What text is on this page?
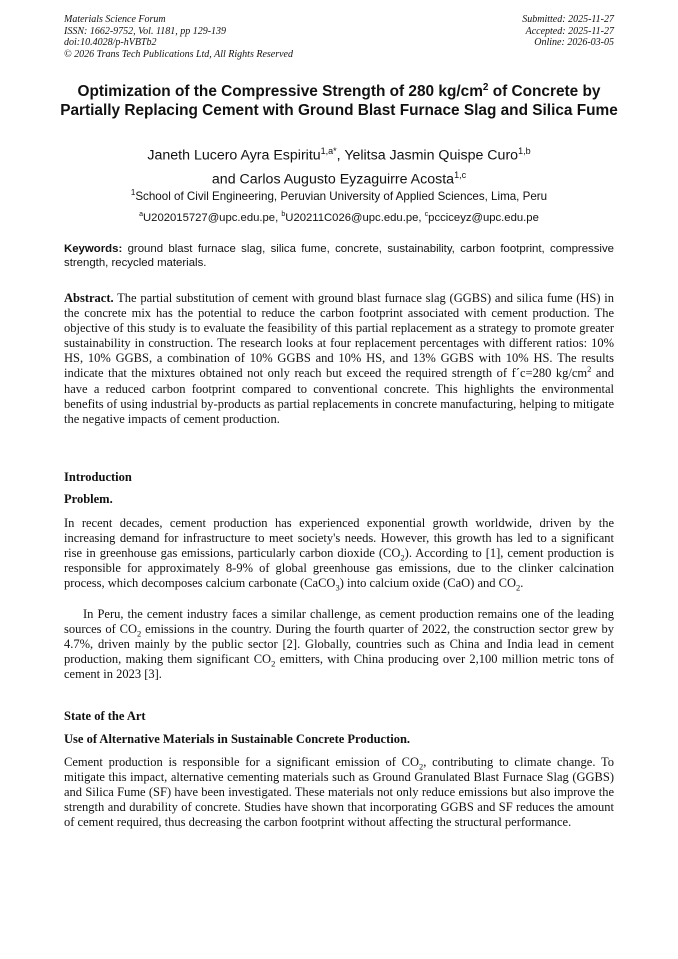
Materials Science Forum
ISSN: 1662-9752, Vol. 1181, pp 129-139
doi:10.4028/p-hVBTb2
© 2026 Trans Tech Publications Ltd, All Rights Reserved
Submitted: 2025-11-27
Accepted: 2025-11-27
Online: 2026-03-05
Optimization of the Compressive Strength of 280 $kg/cm^2$ of Concrete by Partially Replacing Cement with Ground Blast Furnace Slag and Silica Fume
Janeth Lucero Ayra Espiritu$^{1,a*}$, Yelitsa Jasmin Quispe Curo$^{1,b}$
and Carlos Augusto Eyzaguirre Acosta$^{1,c}$
$^1$School of Civil Engineering, Peruvian University of Applied Sciences, Lima, Peru
$^a$U202015727@upc.edu.pe, $^b$U20211C026@upc.edu.pe, $^c$pcciceyz@upc.edu.pe
Keywords: ground blast furnace slag, silica fume, concrete, sustainability, carbon footprint, compressive strength, recycled materials.
Abstract. The partial substitution of cement with ground blast furnace slag (GGBS) and silica fume (HS) in the concrete mix has the potential to reduce the carbon footprint associated with cement production. The objective of this study is to evaluate the feasibility of this partial replacement as a strategy to promote greater sustainability in construction. The research looks at four replacement percentages with different ratios: 10% HS, 10% GGBS, a combination of 10% GGBS and 10% HS, and 13% GGBS with 10% HS. The results indicate that the mixtures obtained not only reach but exceed the required strength of f´c=280 $kg/cm^2$ and have a reduced carbon footprint compared to conventional concrete. This highlights the environmental benefits of using industrial by-products as partial replacements in concrete manufacturing, helping to mitigate the negative impacts of cement production.
Introduction
Problem.
In recent decades, cement production has experienced exponential growth worldwide, driven by the increasing demand for infrastructure to meet society's needs. However, this growth has led to a significant rise in greenhouse gas emissions, particularly carbon dioxide $(CO_2)$. According to [1], cement production is responsible for approximately 8-9% of global greenhouse gas emissions, due to the clinker calcination process, which decomposes calcium carbonate (CaCO$_3$) into calcium oxide (CaO) and $CO_2$.
In Peru, the cement industry faces a similar challenge, as cement production remains one of the leading sources of $CO_2$ emissions in the country. During the fourth quarter of 2022, the construction sector grew by 4.7%, driven mainly by the public sector [2]. Globally, countries such as China and India lead in cement production, making them significant $CO_2$ emitters, with China producing over 2,100 million metric tons of cement in 2023 [3].
State of the Art
Use of Alternative Materials in Sustainable Concrete Production.
Cement production is responsible for a significant emission of $CO_2$, contributing to climate change. To mitigate this impact, alternative cementing materials such as Ground Granulated Blast Furnace Slag (GGBS) and Silica Fume (SF) have been investigated. These materials not only reduce emissions but also improve the strength and durability of concrete. Studies have shown that incorporating GGBS and SF reduces the amount of cement required, thus decreasing the carbon footprint without affecting the structural performance.
